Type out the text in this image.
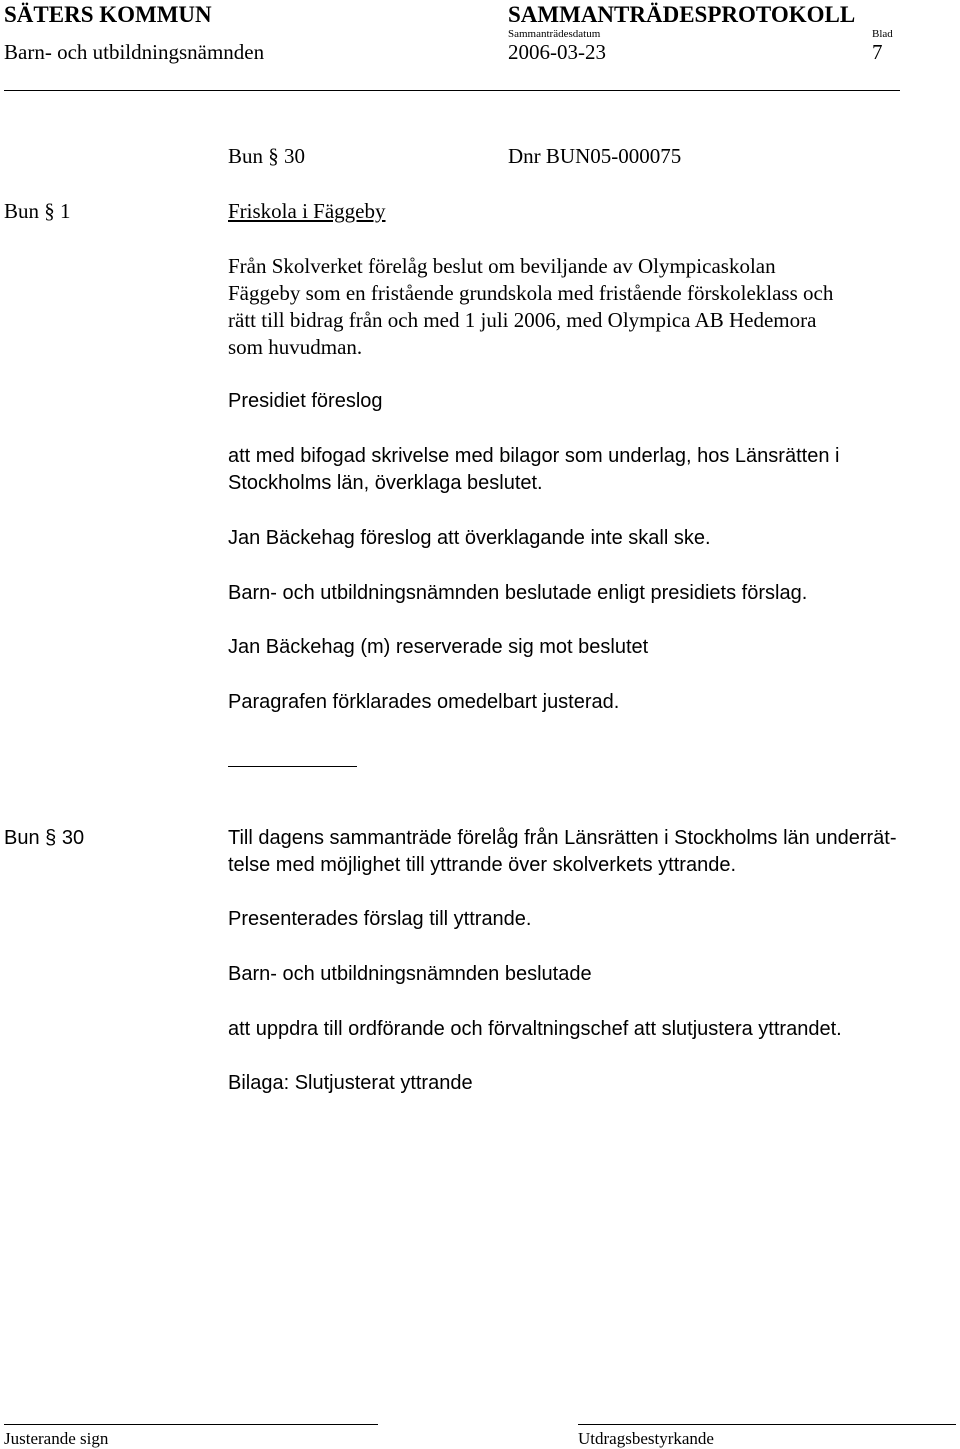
SÄTERS KOMMUN	SAMMANTRÄDESPROTOKOLL
Barn- och utbildningsnämnden
Sammanträdesdatum
2006-03-23
Blad
7
Bun § 30	Dnr BUN05-000075
Bun § 1	Friskola i Fäggeby
Från Skolverket förelåg beslut om beviljande av Olympicaskolan
Fäggeby som en fristående grundskola med fristående förskoleklass och
rätt till bidrag från och med 1 juli 2006, med Olympica AB Hedemora
som huvudman.
Presidiet föreslog
att med bifogad skrivelse med bilagor som underlag, hos Länsrätten i
Stockholms län, överklaga beslutet.
Jan Bäckehag föreslog att överklagande inte skall ske.
Barn- och utbildningsnämnden beslutade enligt presidiets förslag.
Jan Bäckehag (m) reserverade sig mot beslutet
Paragrafen förklarades omedelbart justerad.
Bun § 30	Till dagens sammanträde förelåg från Länsrätten i Stockholms län underrät-
telse med möjlighet till yttrande över skolverkets yttrande.
Presenterades förslag till yttrande.
Barn- och utbildningsnämnden beslutade
att uppdra till ordförande och förvaltningschef att slutjustera yttrandet.
Bilaga: Slutjusterat yttrande
Justerande sign	Utdragsbestyrkande
